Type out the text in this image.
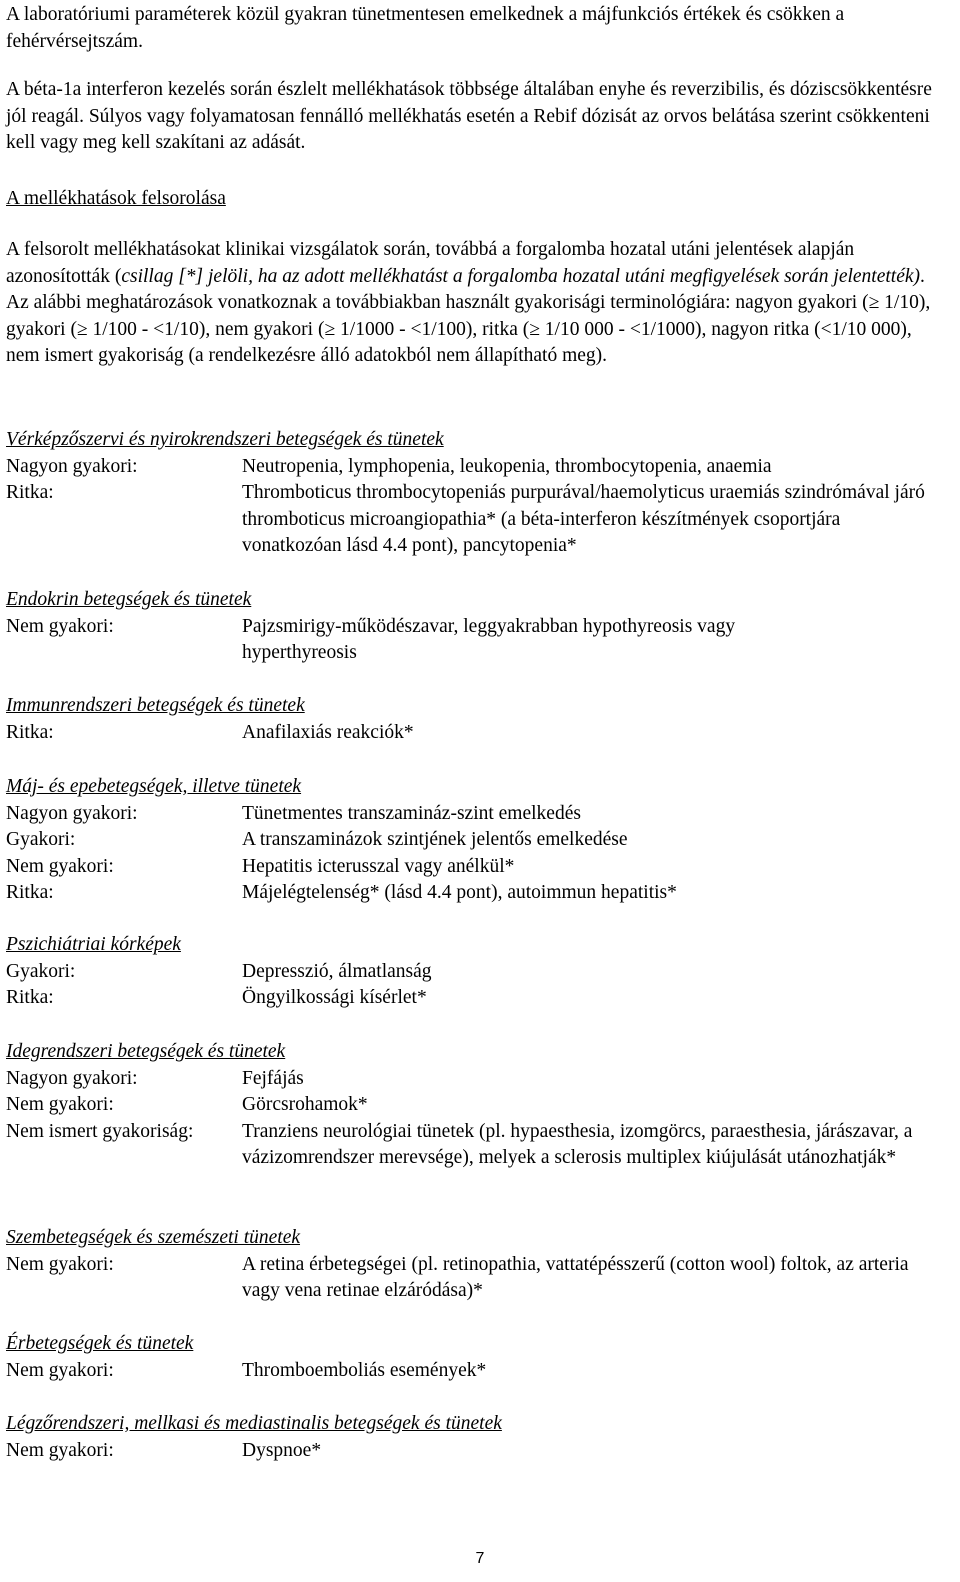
A laboratóriumi paraméterek közül gyakran tünetmentesen emelkednek a májfunkciós értékek és csökken a fehérvérsejtszám.

A béta-1a interferon kezelés során észlelt mellékhatások többsége általában enyhe és reverzibilis, és dóziscsökkentésre jól reagál. Súlyos vagy folyamatosan fennálló mellékhatás esetén a Rebif dózisát az orvos belátása szerint csökkenteni kell vagy meg kell szakítani az adását.

A mellékhatások felsorolása

A felsorolt mellékhatásokat klinikai vizsgálatok során, továbbá a forgalomba hozatal utáni jelentések alapján azonosították (csillag [*] jelöli, ha az adott mellékhatást a forgalomba hozatal utáni megfigyelések során jelentették). Az alábbi meghatározások vonatkoznak a továbbiakban használt gyakorisági terminológiára: nagyon gyakori (≥ 1/10), gyakori (≥ 1/100 - <1/10), nem gyakori (≥ 1/1000 - <1/100), ritka (≥ 1/10 000 - <1/1000), nagyon ritka (<1/10 000), nem ismert gyakoriság (a rendelkezésre álló adatokból nem állapítható meg).

Vérképzőszervi és nyirokrendszeri betegségek és tünetek
Nagyon gyakori:	Neutropenia, lymphopenia, leukopenia, thrombocytopenia, anaemia
Ritka:	Thromboticus thrombocytopeniás purpurával/haemolyticus uraemiás szindrómával járó thromboticus microangiopathia* (a béta-interferon készítmények csoportjára vonatkozóan lásd 4.4 pont), pancytopenia*
Endokrin betegségek és tünetek
Nem gyakori:	Pajzsmirigy-működészavar, leggyakrabban hypothyreosis vagy hyperthyreosis
Immunrendszeri betegségek és tünetek
Ritka:	Anafilaxiás reakciók*
Máj- és epebetegségek, illetve tünetek
Nagyon gyakori:	Tünetmentes transzamináz-szint emelkedés
Gyakori:	A transzaminázok szintjének jelentős emelkedése
Nem gyakori:	Hepatitis icterusszal vagy anélkül*
Ritka:	Májelégtelenség* (lásd 4.4 pont), autoimmun hepatitis*
Pszichiátriai kórképek
Gyakori:	Depresszió, álmatlanság
Ritka:	Öngyilkossági kísérlet*
Idegrendszeri betegségek és tünetek
Nagyon gyakori:	Fejfájás
Nem gyakori:	Görcsrohamok*
Nem ismert gyakoriság:	Tranziens neurológiai tünetek (pl. hypaesthesia, izomgörcs, paraesthesia, járászavar, a vázizomrendszer merevsége), melyek a sclerosis multiplex kiújulását utánozhatják*
Szembetegségek és szemészeti tünetek
Nem gyakori:	A retina érbetegségei (pl. retinopathia, vattatépésszerű (cotton wool) foltok, az arteria vagy vena retinae elzáródása)*
Érbetegségek és tünetek
Nem gyakori:	Thromboemboliás események*
Légzőrendszeri, mellkasi és mediastinalis betegségek és tünetek
Nem gyakori:	Dyspnoe*
7
